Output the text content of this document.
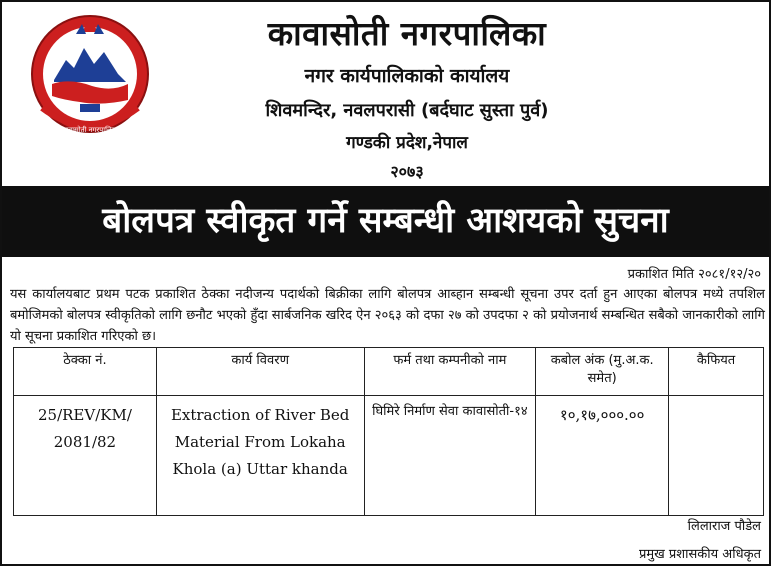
कावासोती नगरपालिका
कावासोती नगरपालिका
नगर कार्यपालिकाको कार्यालय
शिवमन्दिर, नवलपरासी (बर्दघाट सुस्ता पुर्व)
गण्डकी प्रदेश,नेपाल
२०७३
बोलपत्र स्वीकृत गर्ने सम्बन्धी आशयको सुचना
प्रकाशित मिति २०८१/१२/२०

यस कार्यालयबाट प्रथम पटक प्रकाशित ठेक्का नदीजन्य पदार्थको बिक्रीका लागि बोलपत्र आब्हान सम्बन्धी सूचना उपर दर्ता हुन आएका बोलपत्र मध्ये तपशिल बमोजिमको बोलपत्र स्वीकृतिको लागि छनौट भएको हुँदा सार्बजनिक खरिद ऐन २०६३ को दफा २७ को उपदफा २ को प्रयोजनार्थ सम्बन्धित सबैको जानकारीको लागि यो सूचना प्रकाशित गरिएको छ।

ठेक्का नं.	कार्य विवरण	फर्म तथा कम्पनीको नाम	कबोल अंक (मु.अ.क. समेत)	कैफियत
25/REV/KM/ 2081/82	Extraction of River Bed Material From Lokaha Khola (a) Uttar khanda	घिमिरे निर्माण सेवा कावासोती-१४	१०,१७,०००.००	
लिलाराज पौडेल
प्रमुख प्रशासकीय अधिकृत
